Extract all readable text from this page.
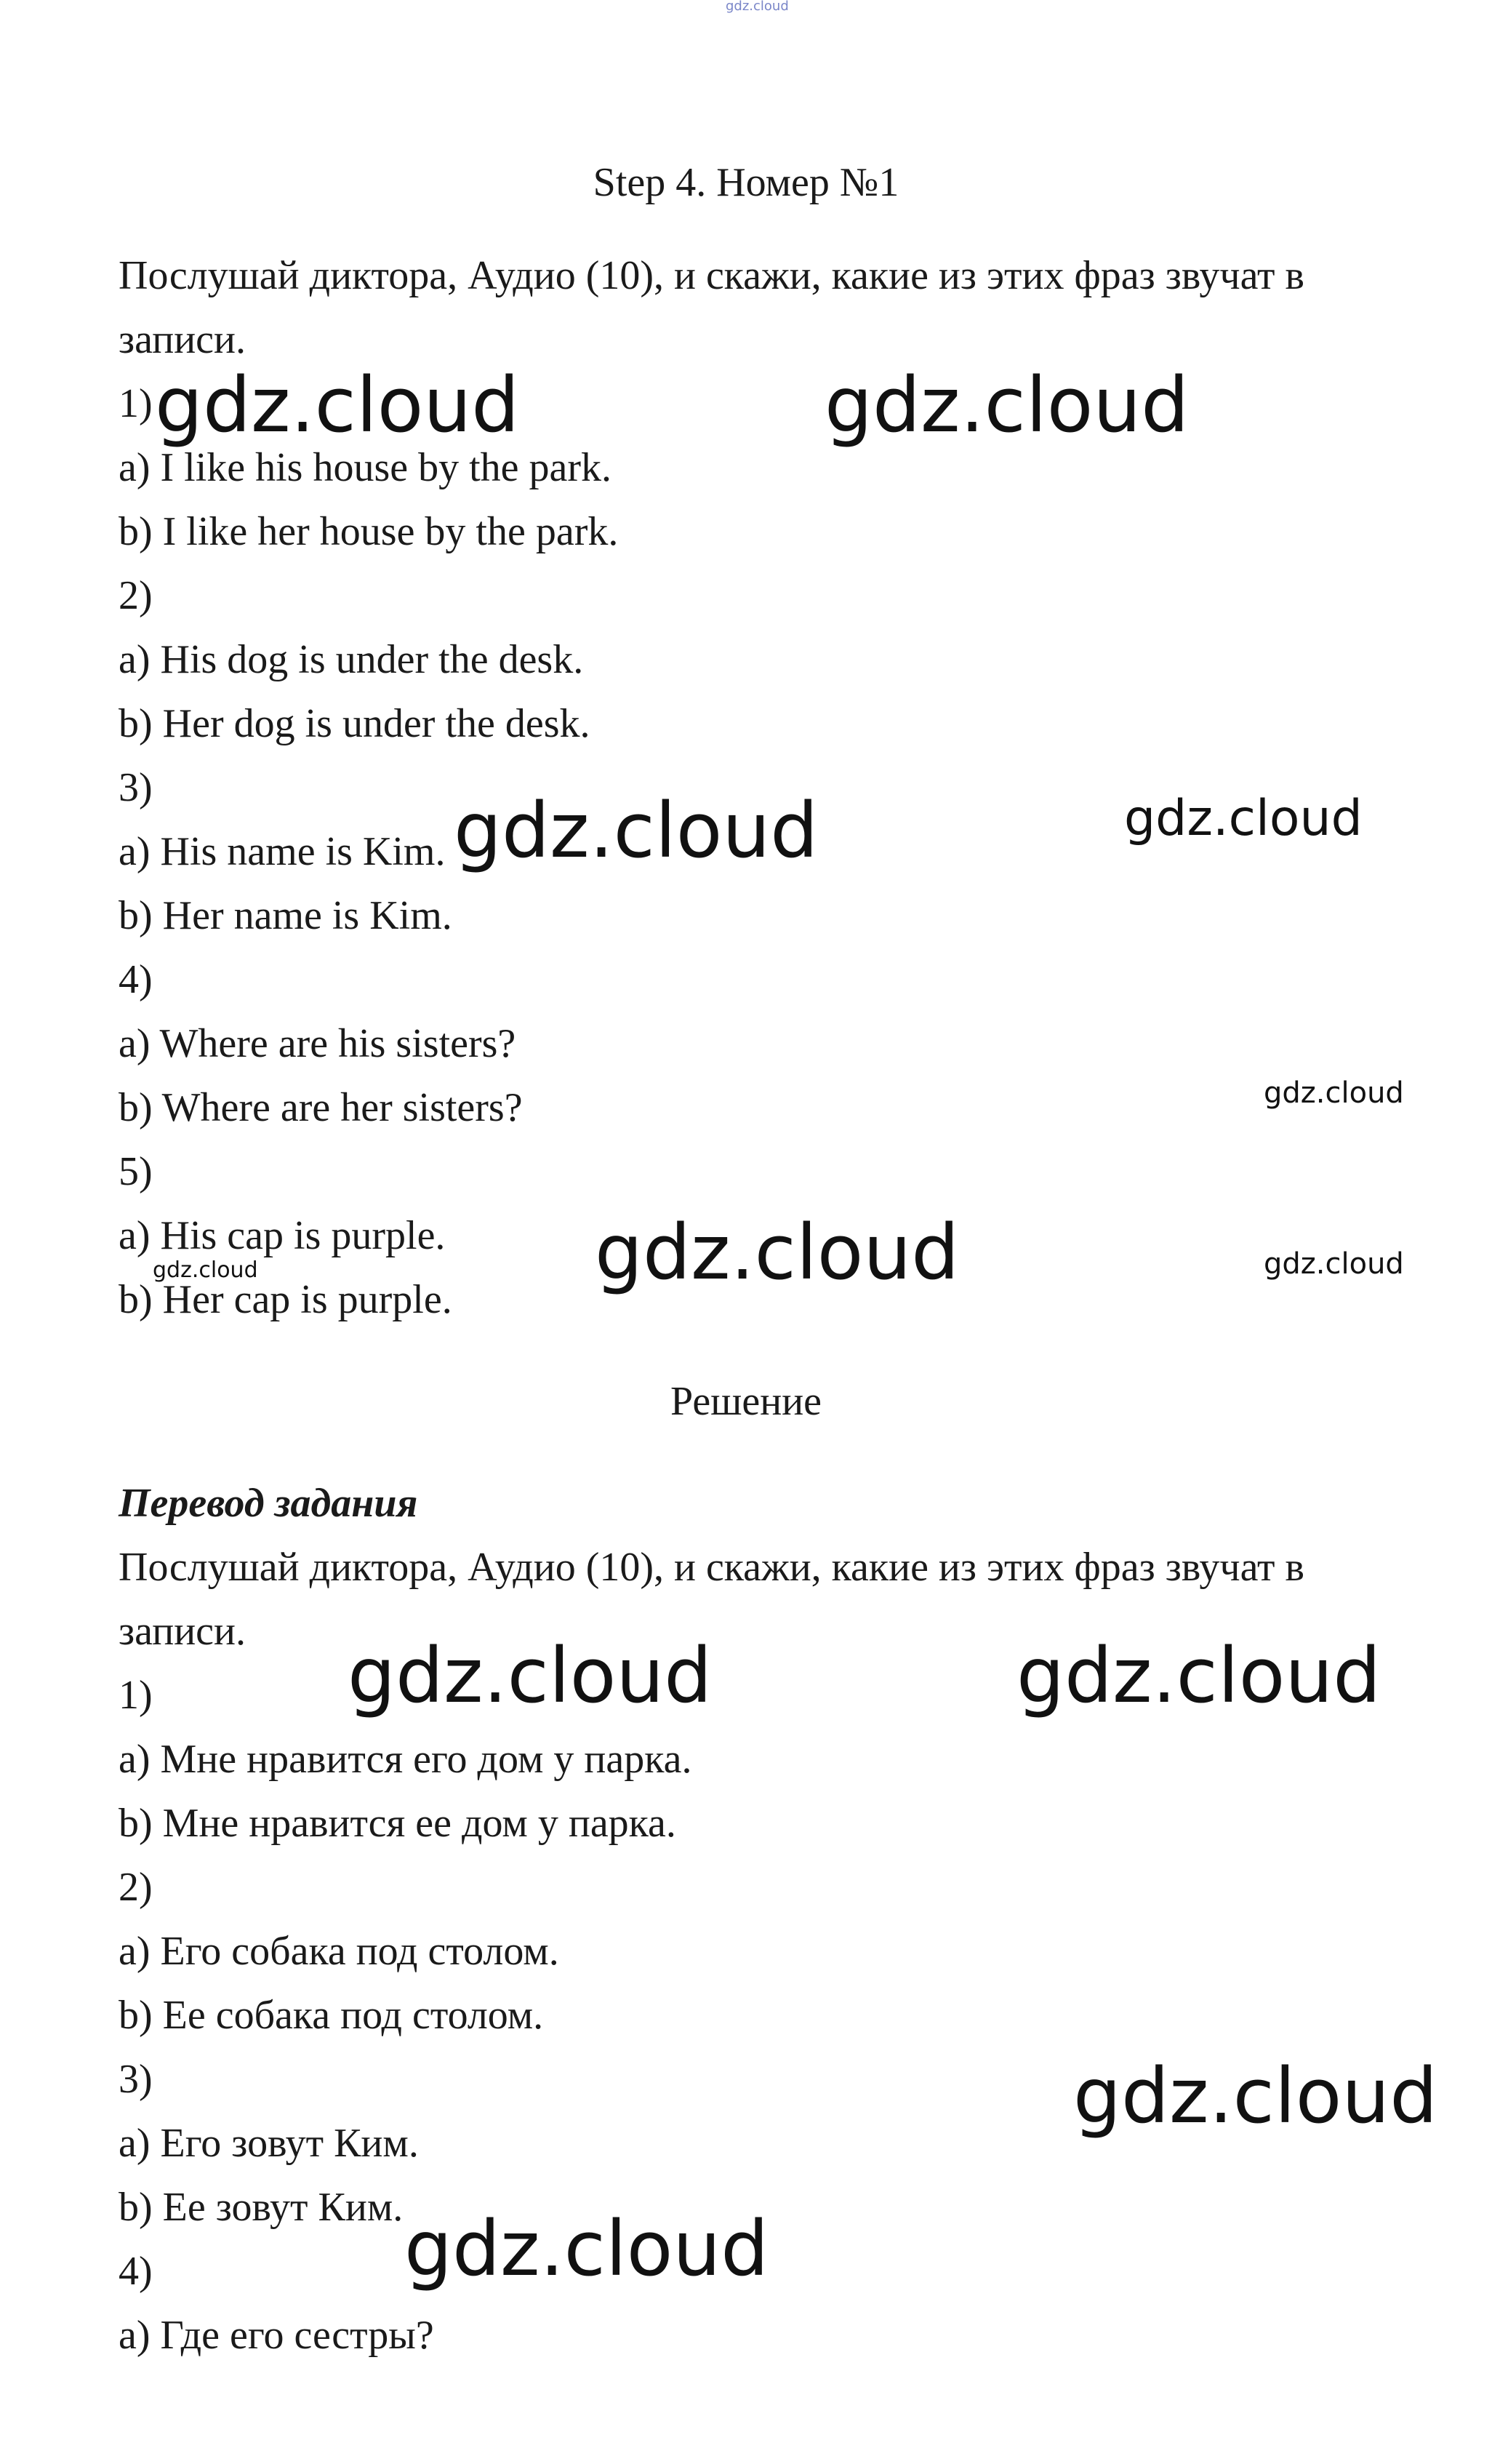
gdz.cloud
Step 4. Номер №1
Послушай диктора, Аудио (10), и скажи, какие из этих фраз звучат в
записи.
1)
a) I like his house by the park.
b) I like her house by the park.
2)
a) His dog is under the desk.
b) Her dog is under the desk.
3)
a) His name is Kim.
b) Her name is Kim.
4)
a) Where are his sisters?
b) Where are her sisters?
5)
a) His cap is purple.
b) Her cap is purple.
Решение
Перевод задания
Послушай диктора, Аудио (10), и скажи, какие из этих фраз звучат в
записи.
1)
a) Мне нравится его дом у парка.
b) Мне нравится ее дом у парка.
2)
a) Его собака под столом.
b) Ее собака под столом.
3)
a) Его зовут Ким.
b) Ее зовут Ким.
4)
a) Где его сестры?
gdz.cloud	gdz.cloud
gdz.cloud	gdz.cloud
gdz.cloud
gdz.cloud	gdz.cloud
gdz.cloud
gdz.cloud	gdz.cloud
gdz.cloud
gdz.cloud
